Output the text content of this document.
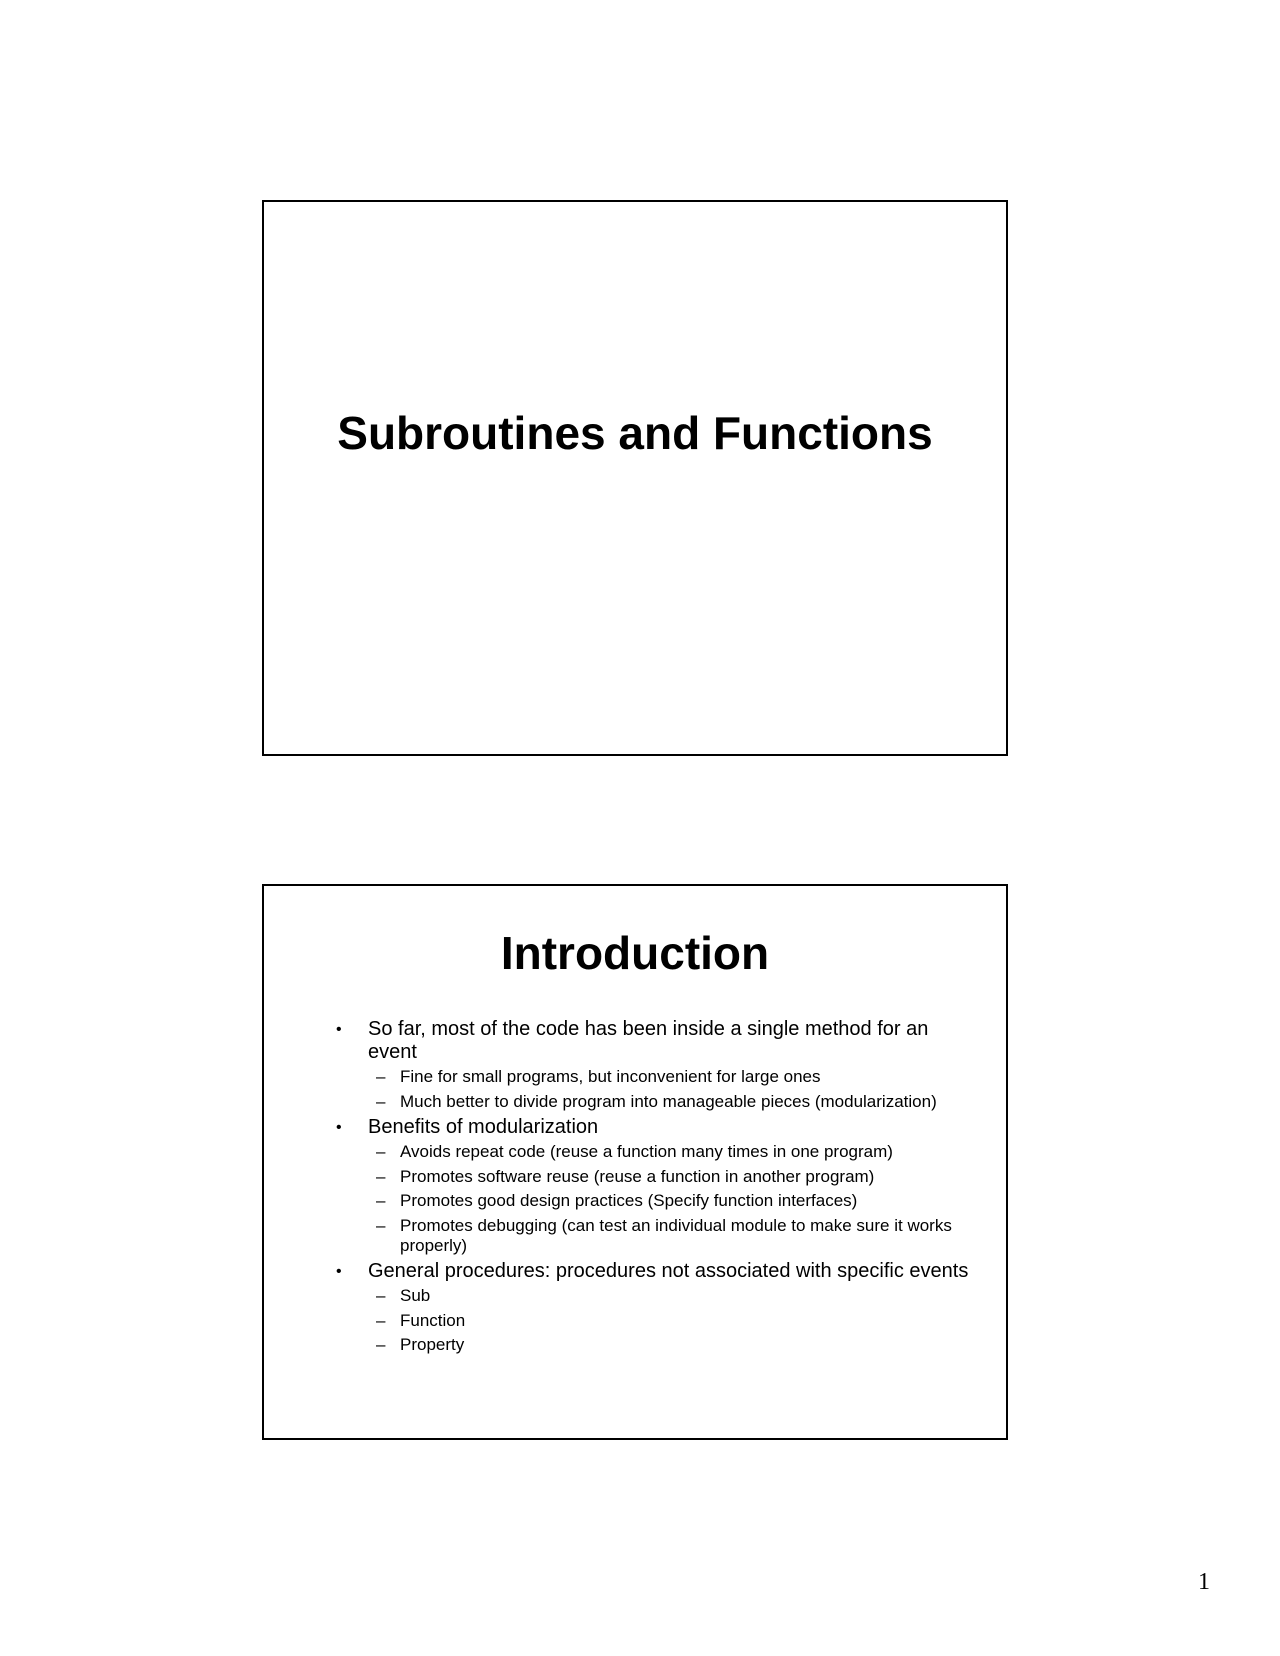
Subroutines and Functions
Introduction
• So far, most of the code has been inside a single method for an event
– Fine for small programs, but inconvenient for large ones
– Much better to divide program into manageable pieces (modularization)
• Benefits of modularization
– Avoids repeat code (reuse a function many times in one program)
– Promotes software reuse (reuse a function in another program)
– Promotes good design practices (Specify function interfaces)
– Promotes debugging (can test an individual module to make sure it works properly)
• General procedures: procedures not associated with specific events
– Sub
– Function
– Property
1
